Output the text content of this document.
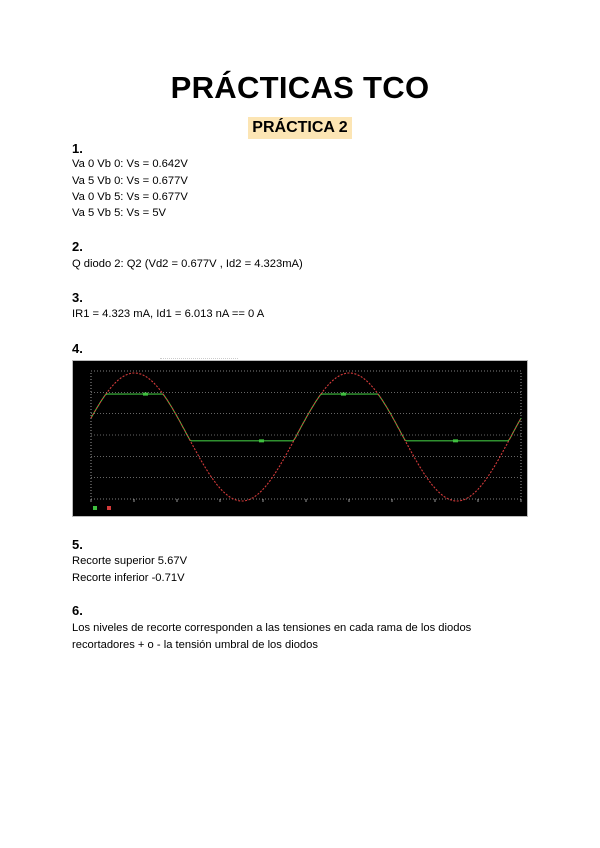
PRÁCTICAS TCO
PRÁCTICA 2
1.
Va 0 Vb 0: Vs = 0.642V
Va 5 Vb 0: Vs = 0.677V
Va 0 Vb 5: Vs = 0.677V
Va 5 Vb 5: Vs = 5V
2.
Q diodo 2: Q2 (Vd2 = 0.677V , Id2 = 4.323mA)
3.
IR1 = 4.323 mA, Id1 = 6.013 nA == 0 A
4.
5.
Recorte superior 5.67V
Recorte inferior -0.71V
6.
Los niveles de recorte corresponden a las tensiones en cada rama de los diodos
recortadores + o - la tensión umbral de los diodos
